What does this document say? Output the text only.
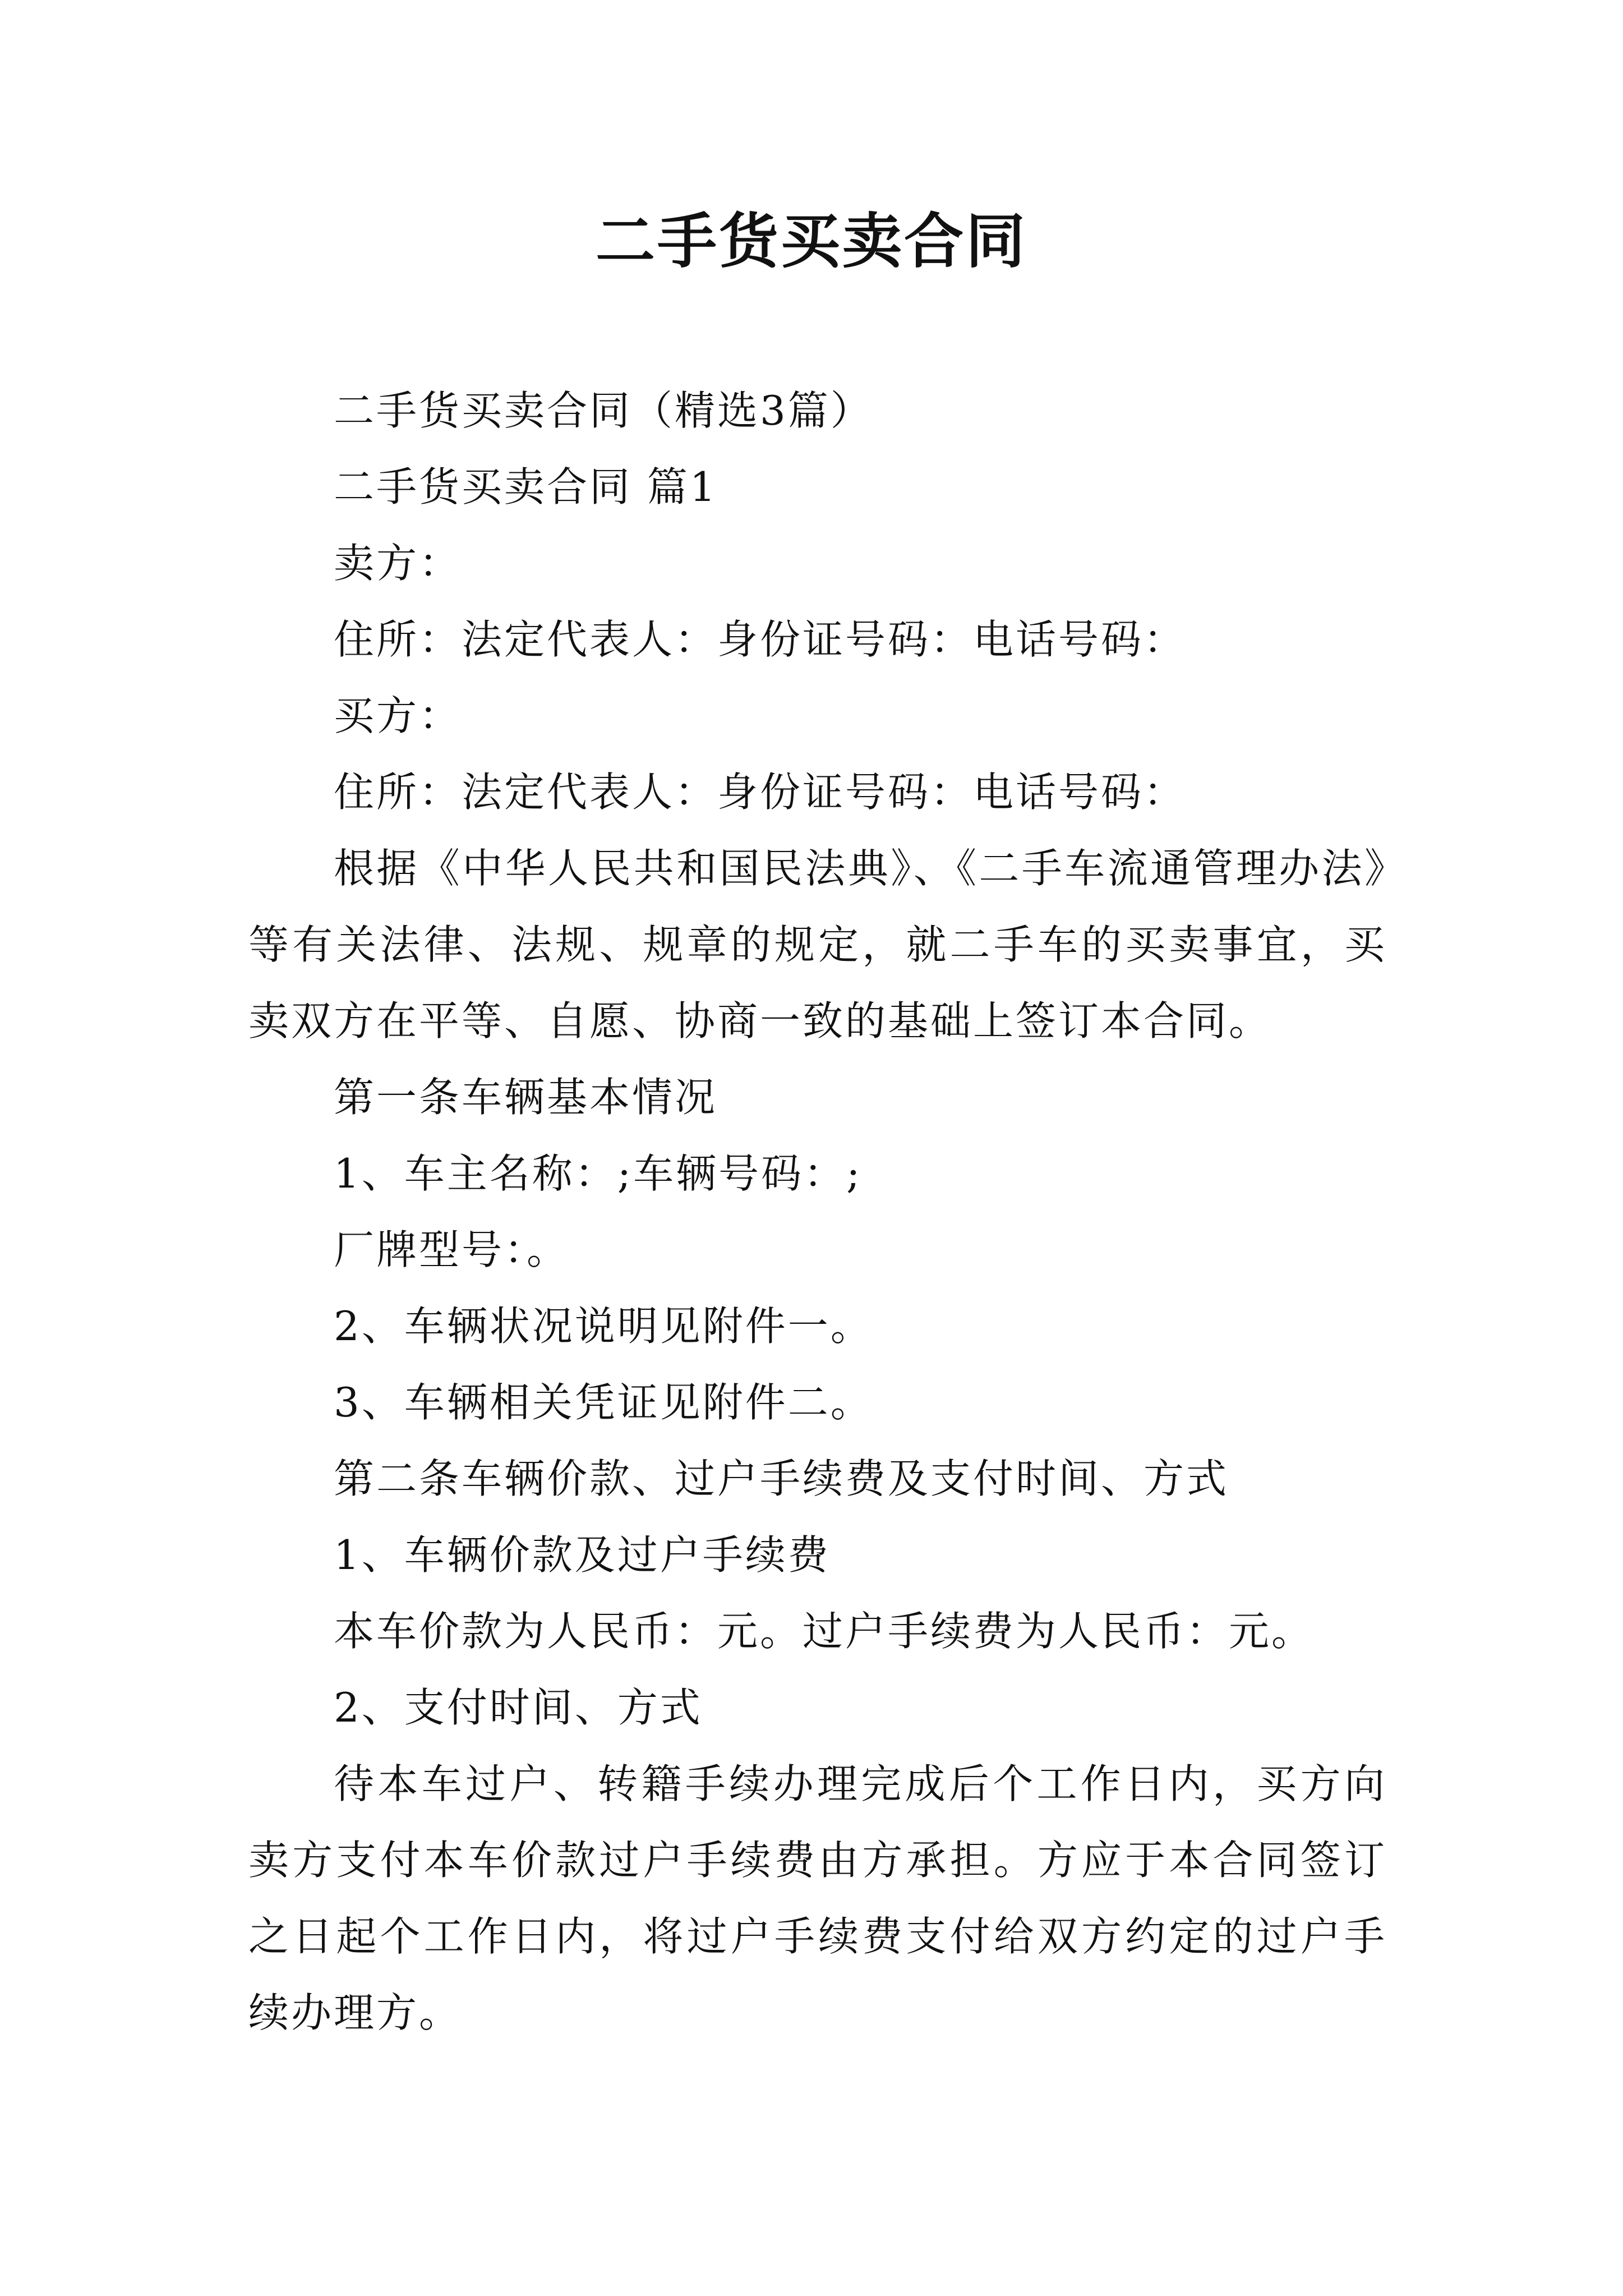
二手货买卖合同

二手货买卖合同（精选3篇）

二手货买卖合同 篇1

卖方：

住所：法定代表人：身份证号码：电话号码：

买方：

住所：法定代表人：身份证号码：电话号码：

根据《中华人民共和国民法典》、《二手车流通管理办法》等有关法律、法规、规章的规定，就二手车的买卖事宜，买卖双方在平等、自愿、协商一致的基础上签订本合同。

第一条车辆基本情况

1、车主名称：;车辆号码：;

厂牌型号：。

2、车辆状况说明见附件一。

3、车辆相关凭证见附件二。

第二条车辆价款、过户手续费及支付时间、方式

1、车辆价款及过户手续费

本车价款为人民币：元。过户手续费为人民币：元。

2、支付时间、方式

待本车过户、转籍手续办理完成后个工作日内，买方向卖方支付本车价款过户手续费由方承担。方应于本合同签订之日起个工作日内，将过户手续费支付给双方约定的过户手续办理方。
